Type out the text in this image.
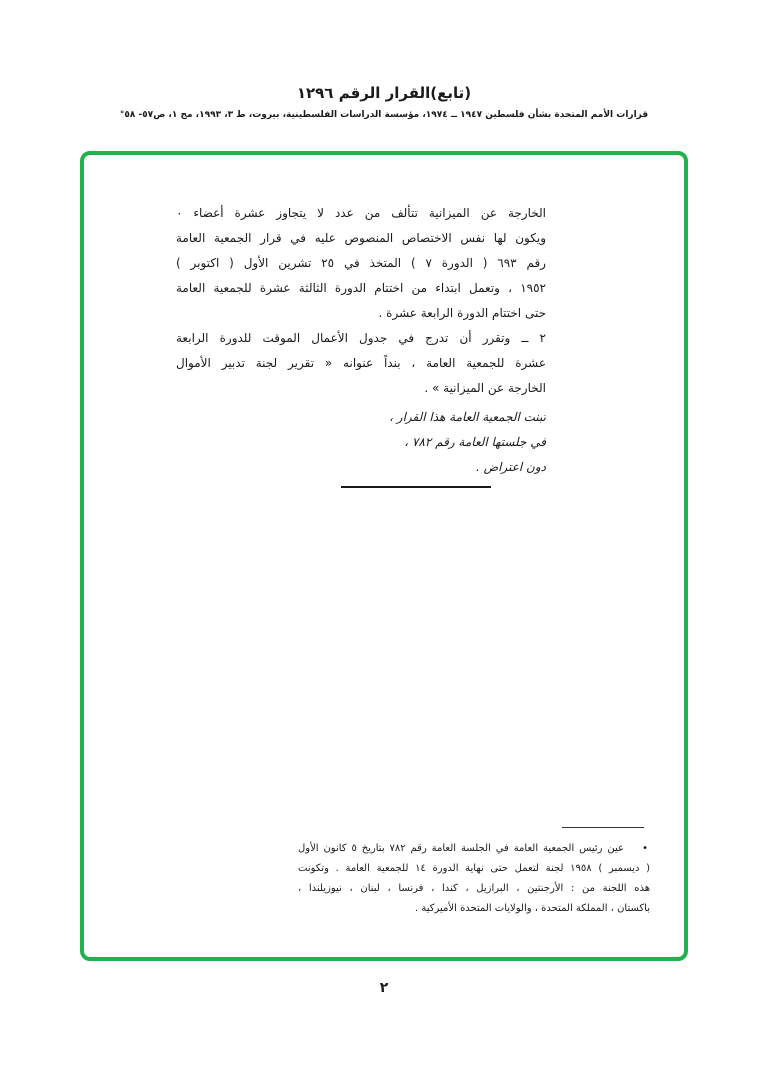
(تابع)القرار الرقم ١٢٩٦
قرارات الأمم المتحدة بشأن فلسطين ١٩٤٧ ــ ١٩٧٤، مؤسسة الدراسات الفلسطينية، بيروت، ط ٣، ١٩٩٣، مج ١، ص٥٧- ٥٨°
الخارجة عن الميزانية تتألف من عدد لا يتجاوز عشرة أعضاء ٠
ويكون لها نفس الاختصاص المنصوص عليه في قرار الجمعية العامة
رقم ٦٩٣ ( الدورة ٧ ) المتخذ في ٢٥ تشرين الأول ( اكتوبر )
١٩٥٢ ، وتعمل ابتداء من اختتام الدورة الثالثة عشرة للجمعية العامة
حتى اختتام الدورة الرابعة عشرة .
٢ ــ وتقرر أن تدرج في جدول الأعمال الموقت للدورة الرابعة
عشرة للجمعية العامة ، بنداً عنوانه « تقرير لجنة تدبير الأموال
الخارجة عن الميزانية » .
تبنت الجمعية العامة هذا القرار ،
في جلستها العامة رقم ٧٨٢ ،
دون اعتراض .
•
عين رئيس الجمعية العامة في الجلسة العامة رقم ٧٨٢ بتاريخ ٥ كانون الأول
( ديسمبر ) ١٩٥٨ لجنة لتعمل حتى نهاية الدورة ١٤ للجمعية العامة . وتكونت
هذه اللجنة من : الأرجنتين ، البرازيل ، كندا ، فرنسا ، لبنان ، نيوزيلندا ،
باكستان ، المملكة المتحدة ، والولايات المتحدة الأميركية .
٢
